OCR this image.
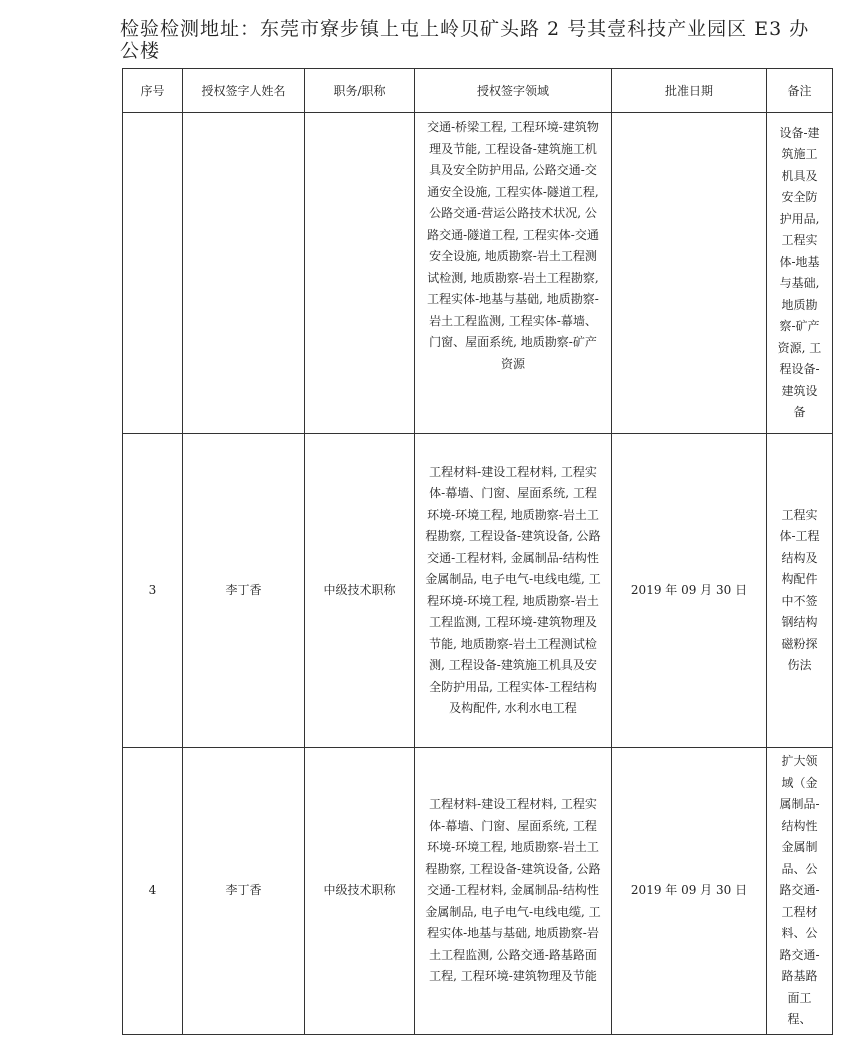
检验检测地址：东莞市寮步镇上屯上岭贝矿头路 2 号其壹科技产业园区 E3 办公楼
序号	授权签字人姓名	职务/职称	授权签字领域	批准日期	备注
			交通-桥梁工程, 工程环境-建筑物理及节能, 工程设备-建筑施工机具及安全防护用品, 公路交通-交通安全设施, 工程实体-隧道工程, 公路交通-营运公路技术状况, 公路交通-隧道工程, 工程实体-交通安全设施, 地质勘察-岩土工程测试检测, 地质勘察-岩土工程勘察, 工程实体-地基与基础, 地质勘察-岩土工程监测, 工程实体-幕墙、门窗、屋面系统, 地质勘察-矿产资源		设备-建筑施工机具及安全防护用品, 工程实体-地基与基础, 地质勘察-矿产资源, 工程设备-建筑设备
3	李丁香	中级技术职称	工程材料-建设工程材料, 工程实体-幕墙、门窗、屋面系统, 工程环境-环境工程, 地质勘察-岩土工程勘察, 工程设备-建筑设备, 公路交通-工程材料, 金属制品-结构性金属制品, 电子电气-电线电缆, 工程环境-环境工程, 地质勘察-岩土工程监测, 工程环境-建筑物理及节能, 地质勘察-岩土工程测试检测, 工程设备-建筑施工机具及安全防护用品, 工程实体-工程结构及构配件, 水利水电工程	2019 年 09 月 30 日	工程实体-工程结构及构配件中不签钢结构磁粉探伤法
4	李丁香	中级技术职称	工程材料-建设工程材料, 工程实体-幕墙、门窗、屋面系统, 工程环境-环境工程, 地质勘察-岩土工程勘察, 工程设备-建筑设备, 公路交通-工程材料, 金属制品-结构性金属制品, 电子电气-电线电缆, 工程实体-地基与基础, 地质勘察-岩土工程监测, 公路交通-路基路面工程, 工程环境-建筑物理及节能	2019 年 09 月 30 日	扩大领域（金属制品-结构性金属制品、公路交通-工程材料、公路交通-路基路面工程、
